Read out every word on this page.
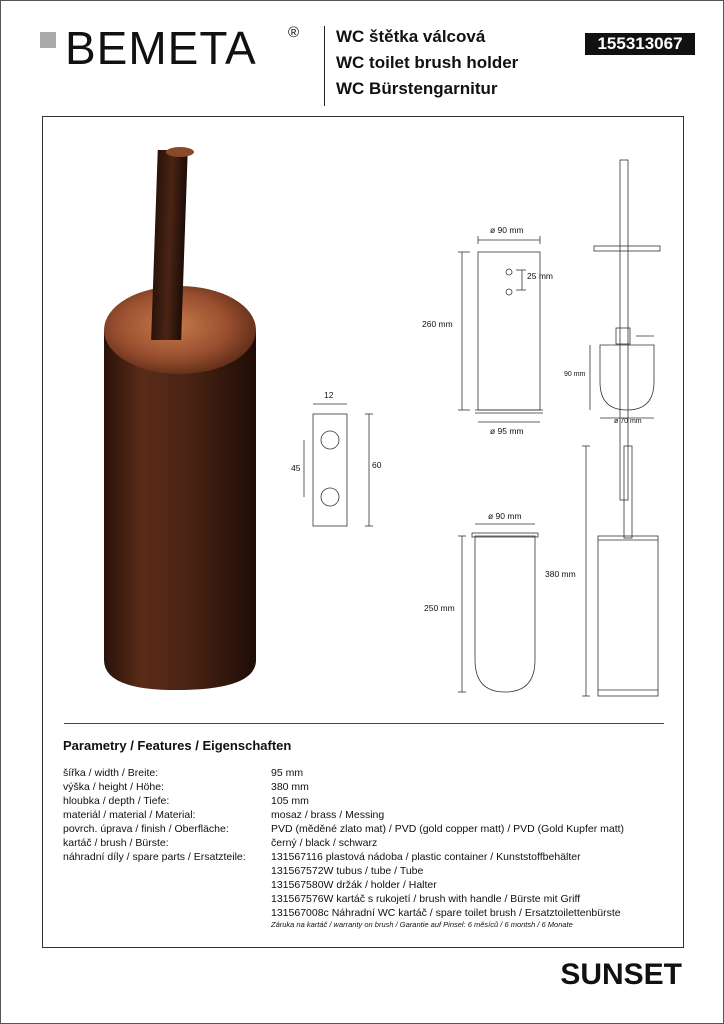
BEMETA ® WC štětka válcová
WC toilet brush holder
WC Bürstengarnitur
155313067
ø 90 mm
25 mm
260 mm
ø 95 mm
12
45	60
90 mm
ø 70 mm
ø 90 mm
250 mm
380 mm
Parametry / Features / Eigenschaften
šířka / width / Breite:	95 mm
výška / height / Höhe:	380 mm
hloubka / depth / Tiefe:	105 mm
materiál / material / Material:	mosaz / brass / Messing
povrch. úprava / finish / Oberfläche:	PVD (měděné zlato mat) / PVD (gold copper matt) / PVD (Gold Kupfer matt)
kartáč / brush / Bürste:	černý / black / schwarz
náhradní díly / spare parts / Ersatzteile:	131567116 plastová nádoba / plastic container / Kunststoffbehälter
131567572W tubus / tube / Tube
131567580W držák / holder / Halter
131567576W kartáč s rukojetí / brush with handle / Bürste mit Griff
131567008c Náhradní WC kartáč / spare toilet brush / Ersatztoilettenbürste
Záruka na kartáč / warranty on brush / Garantie auf Pinsel: 6 měsíců / 6 montsh / 6 Monate
SUNSET
